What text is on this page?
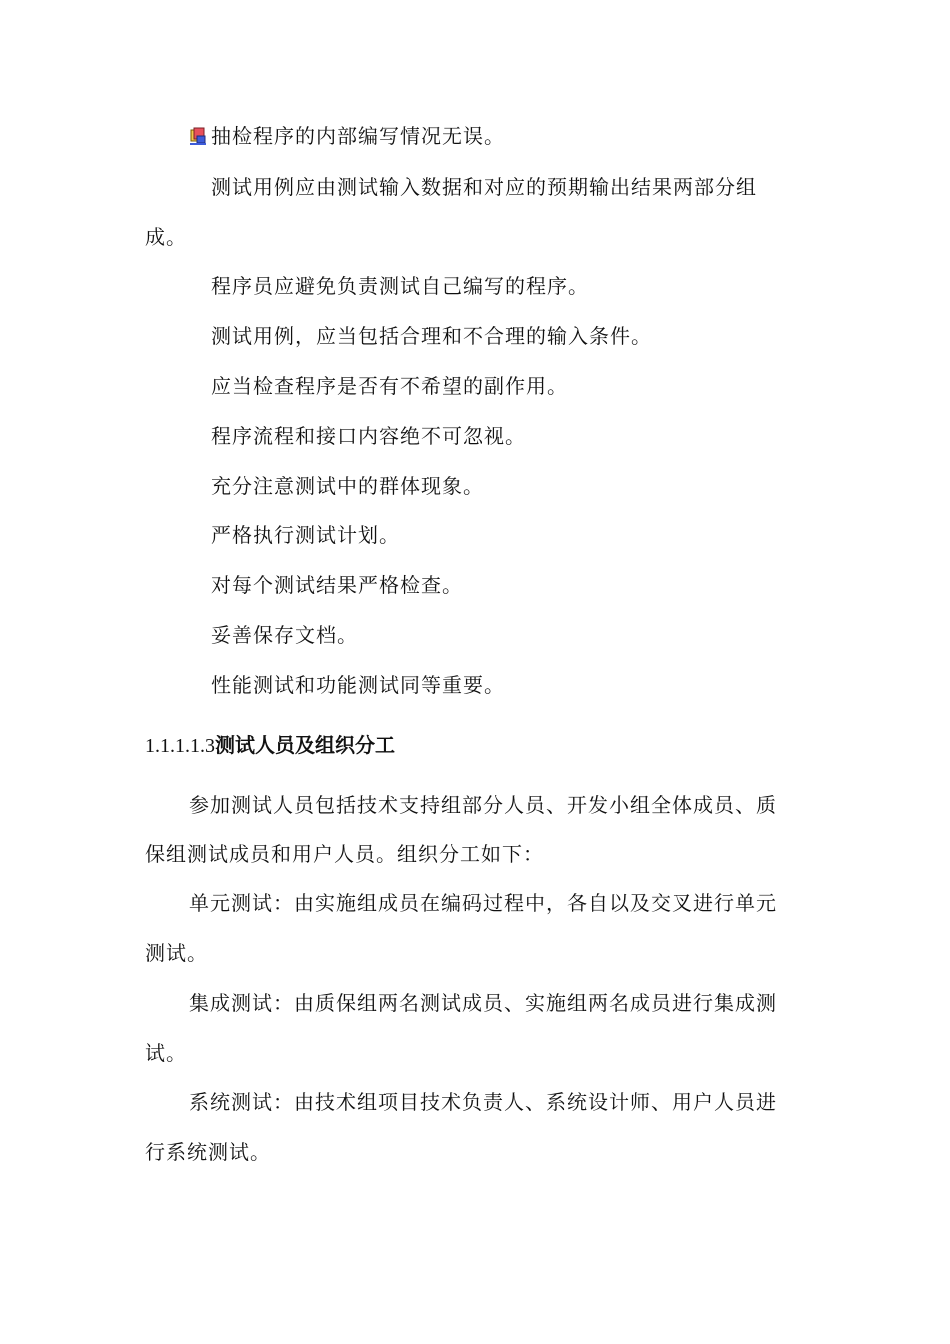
抽检程序的内部编写情况无误。
测试用例应由测试输入数据和对应的预期输出结果两部分组
成。
程序员应避免负责测试自己编写的程序。
测试用例，应当包括合理和不合理的输入条件。
应当检查程序是否有不希望的副作用。
程序流程和接口内容绝不可忽视。
充分注意测试中的群体现象。
严格执行测试计划。
对每个测试结果严格检查。
妥善保存文档。
性能测试和功能测试同等重要。
1.1.1.1.3测试人员及组织分工
参加测试人员包括技术支持组部分人员、开发小组全体成员、质
保组测试成员和用户人员。组织分工如下：
单元测试：由实施组成员在编码过程中，各自以及交叉进行单元
测试。
集成测试：由质保组两名测试成员、实施组两名成员进行集成测
试。
系统测试：由技术组项目技术负责人、系统设计师、用户人员进
行系统测试。
